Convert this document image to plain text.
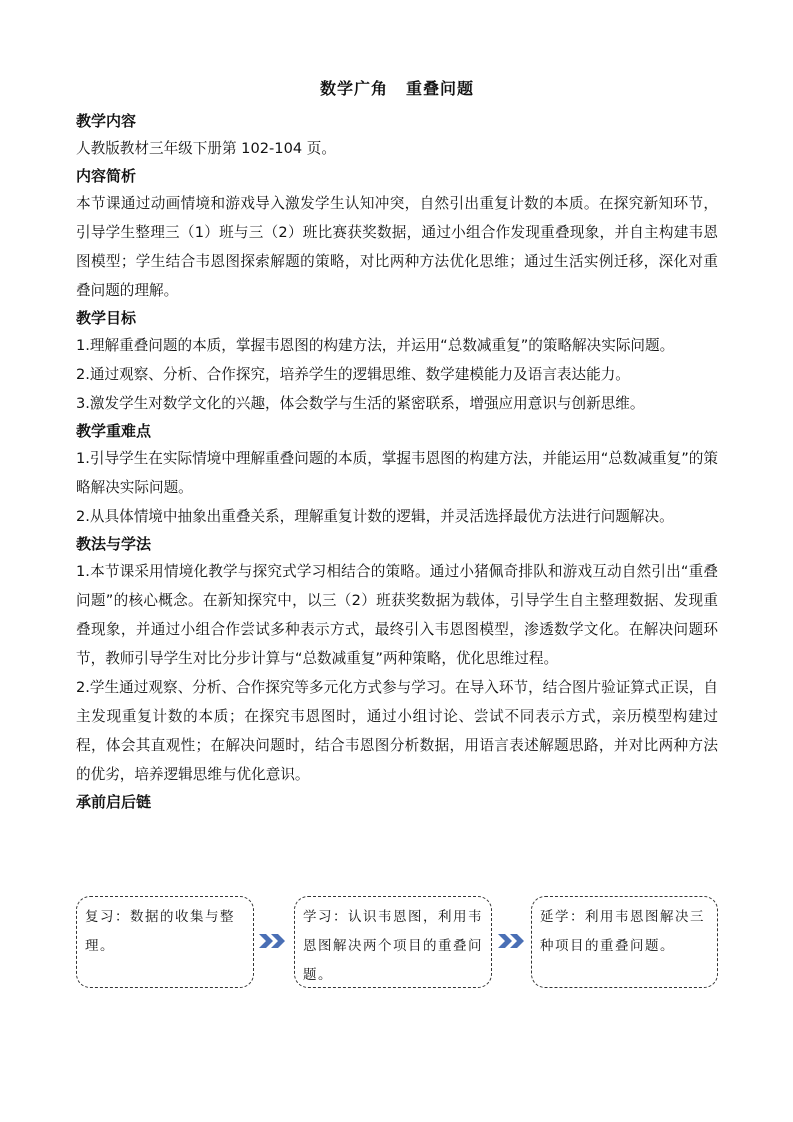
数学广角 重叠问题

教学内容

人教版教材三年级下册第 102-104 页。

内容简析

本节课通过动画情境和游戏导入激发学生认知冲突，自然引出重复计数的本质。在探究新知环节，引导学生整理三（1）班与三（2）班比赛获奖数据，通过小组合作发现重叠现象，并自主构建韦恩图模型；学生结合韦恩图探索解题的策略，对比两种方法优化思维；通过生活实例迁移，深化对重叠问题的理解。

教学目标

1.理解重叠问题的本质，掌握韦恩图的构建方法，并运用“总数减重复”的策略解决实际问题。

2.通过观察、分析、合作探究，培养学生的逻辑思维、数学建模能力及语言表达能力。

3.激发学生对数学文化的兴趣，体会数学与生活的紧密联系，增强应用意识与创新思维。

教学重难点

1.引导学生在实际情境中理解重叠问题的本质，掌握韦恩图的构建方法，并能运用“总数减重复”的策略解决实际问题。

2.从具体情境中抽象出重叠关系，理解重复计数的逻辑，并灵活选择最优方法进行问题解决。

教法与学法

1.本节课采用情境化教学与探究式学习相结合的策略。通过小猪佩奇排队和游戏互动自然引出“重叠问题”的核心概念。在新知探究中，以三（2）班获奖数据为载体，引导学生自主整理数据、发现重叠现象，并通过小组合作尝试多种表示方式，最终引入韦恩图模型，渗透数学文化。在解决问题环节，教师引导学生对比分步计算与“总数减重复”两种策略，优化思维过程。

2.学生通过观察、分析、合作探究等多元化方式参与学习。在导入环节，结合图片验证算式正误，自主发现重复计数的本质；在探究韦恩图时，通过小组讨论、尝试不同表示方式，亲历模型构建过程，体会其直观性；在解决问题时，结合韦恩图分析数据，用语言表述解题思路，并对比两种方法的优劣，培养逻辑思维与优化意识。

承前启后链

复习：数据的收集与整理。
学习：认识韦恩图，利用韦恩图解决两个项目的重叠问题。
延学：利用韦恩图解决三种项目的重叠问题。
